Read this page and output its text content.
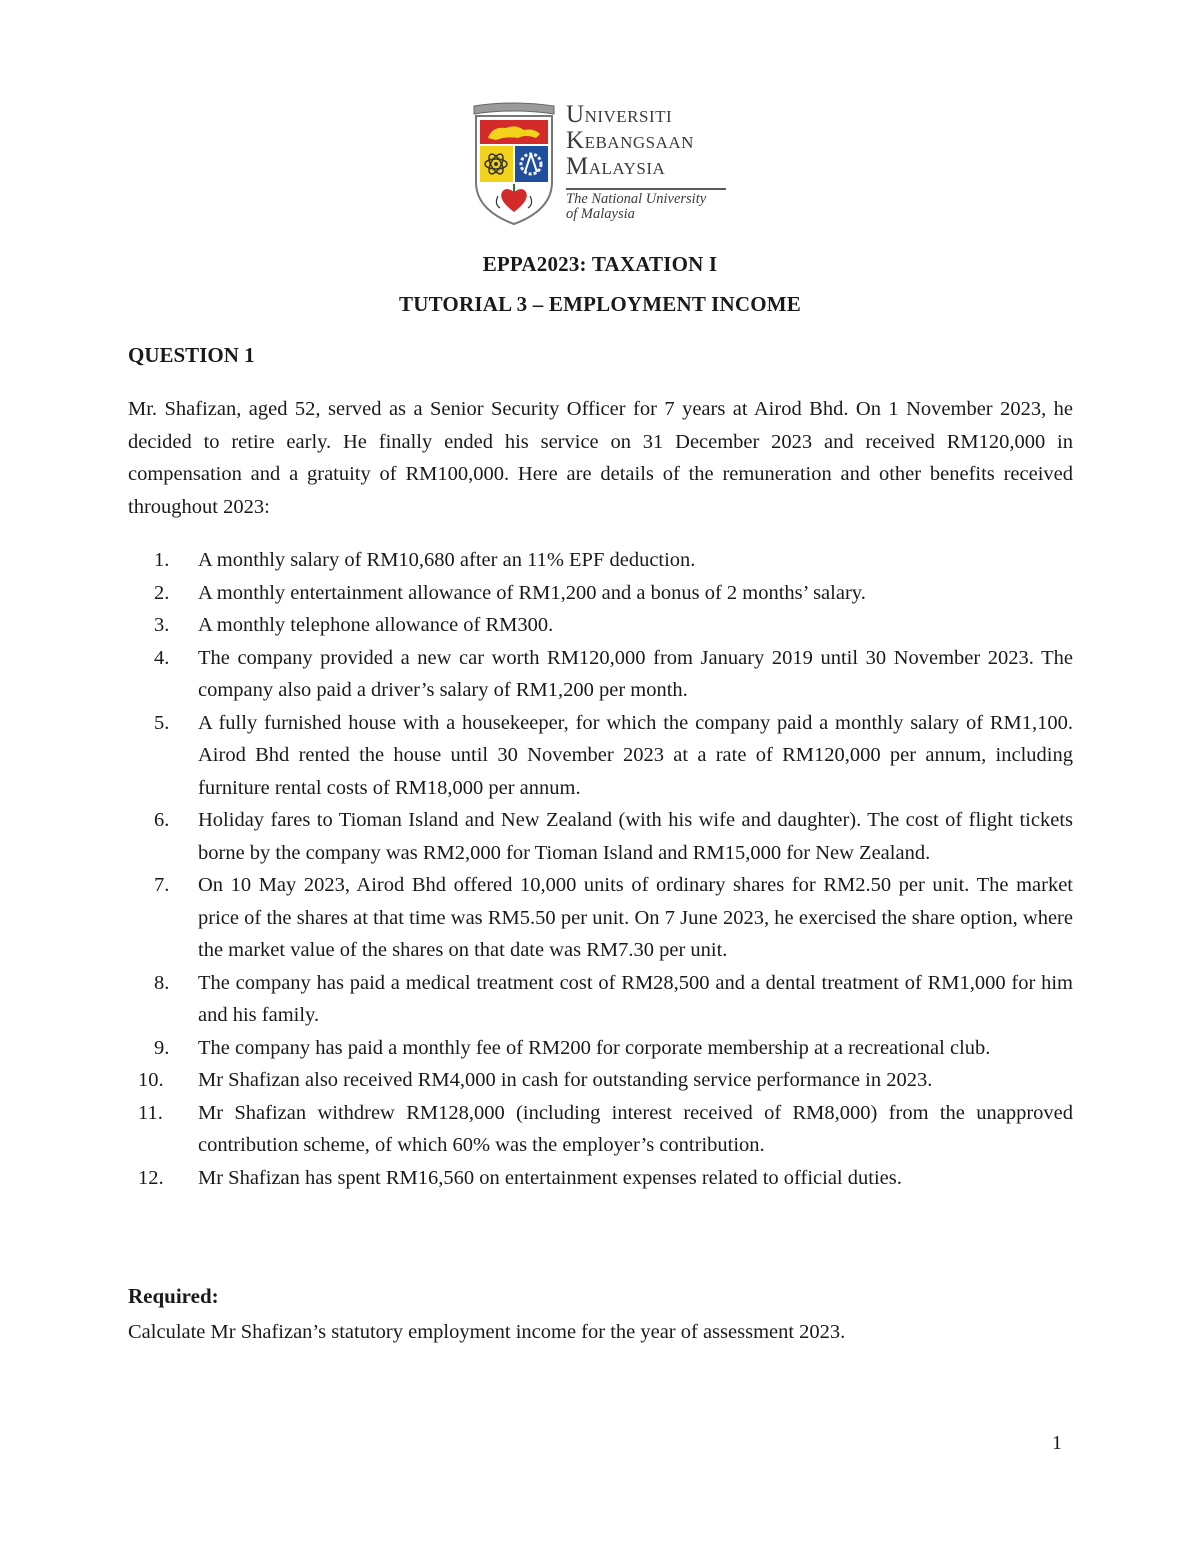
UNIVERSITI
KEBANGSAAN
MALAYSIA
The National University
of Malaysia
EPPA2023: TAXATION I
TUTORIAL 3 – EMPLOYMENT INCOME
QUESTION 1
Mr. Shafizan, aged 52, served as a Senior Security Officer for 7 years at Airod Bhd. On 1 November 2023, he decided to retire early. He finally ended his service on 31 December 2023 and received RM120,000 in compensation and a gratuity of RM100,000. Here are details of the remuneration and other benefits received throughout 2023:
1.	A monthly salary of RM10,680 after an 11% EPF deduction.
2.	A monthly entertainment allowance of RM1,200 and a bonus of 2 months’ salary.
3.	A monthly telephone allowance of RM300.
4.	The company provided a new car worth RM120,000 from January 2019 until 30 November 2023. The company also paid a driver’s salary of RM1,200 per month.
5.	A fully furnished house with a housekeeper, for which the company paid a monthly salary of RM1,100. Airod Bhd rented the house until 30 November 2023 at a rate of RM120,000 per annum, including furniture rental costs of RM18,000 per annum.
6.	Holiday fares to Tioman Island and New Zealand (with his wife and daughter). The cost of flight tickets borne by the company was RM2,000 for Tioman Island and RM15,000 for New Zealand.
7.	On 10 May 2023, Airod Bhd offered 10,000 units of ordinary shares for RM2.50 per unit. The market price of the shares at that time was RM5.50 per unit. On 7 June 2023, he exercised the share option, where the market value of the shares on that date was RM7.30 per unit.
8.	The company has paid a medical treatment cost of RM28,500 and a dental treatment of RM1,000 for him and his family.
9.	The company has paid a monthly fee of RM200 for corporate membership at a recreational club.
10.	Mr Shafizan also received RM4,000 in cash for outstanding service performance in 2023.
11.	Mr Shafizan withdrew RM128,000 (including interest received of RM8,000) from the unapproved contribution scheme, of which 60% was the employer’s contribution.
12.	Mr Shafizan has spent RM16,560 on entertainment expenses related to official duties.
Required:
Calculate Mr Shafizan’s statutory employment income for the year of assessment 2023.
1
